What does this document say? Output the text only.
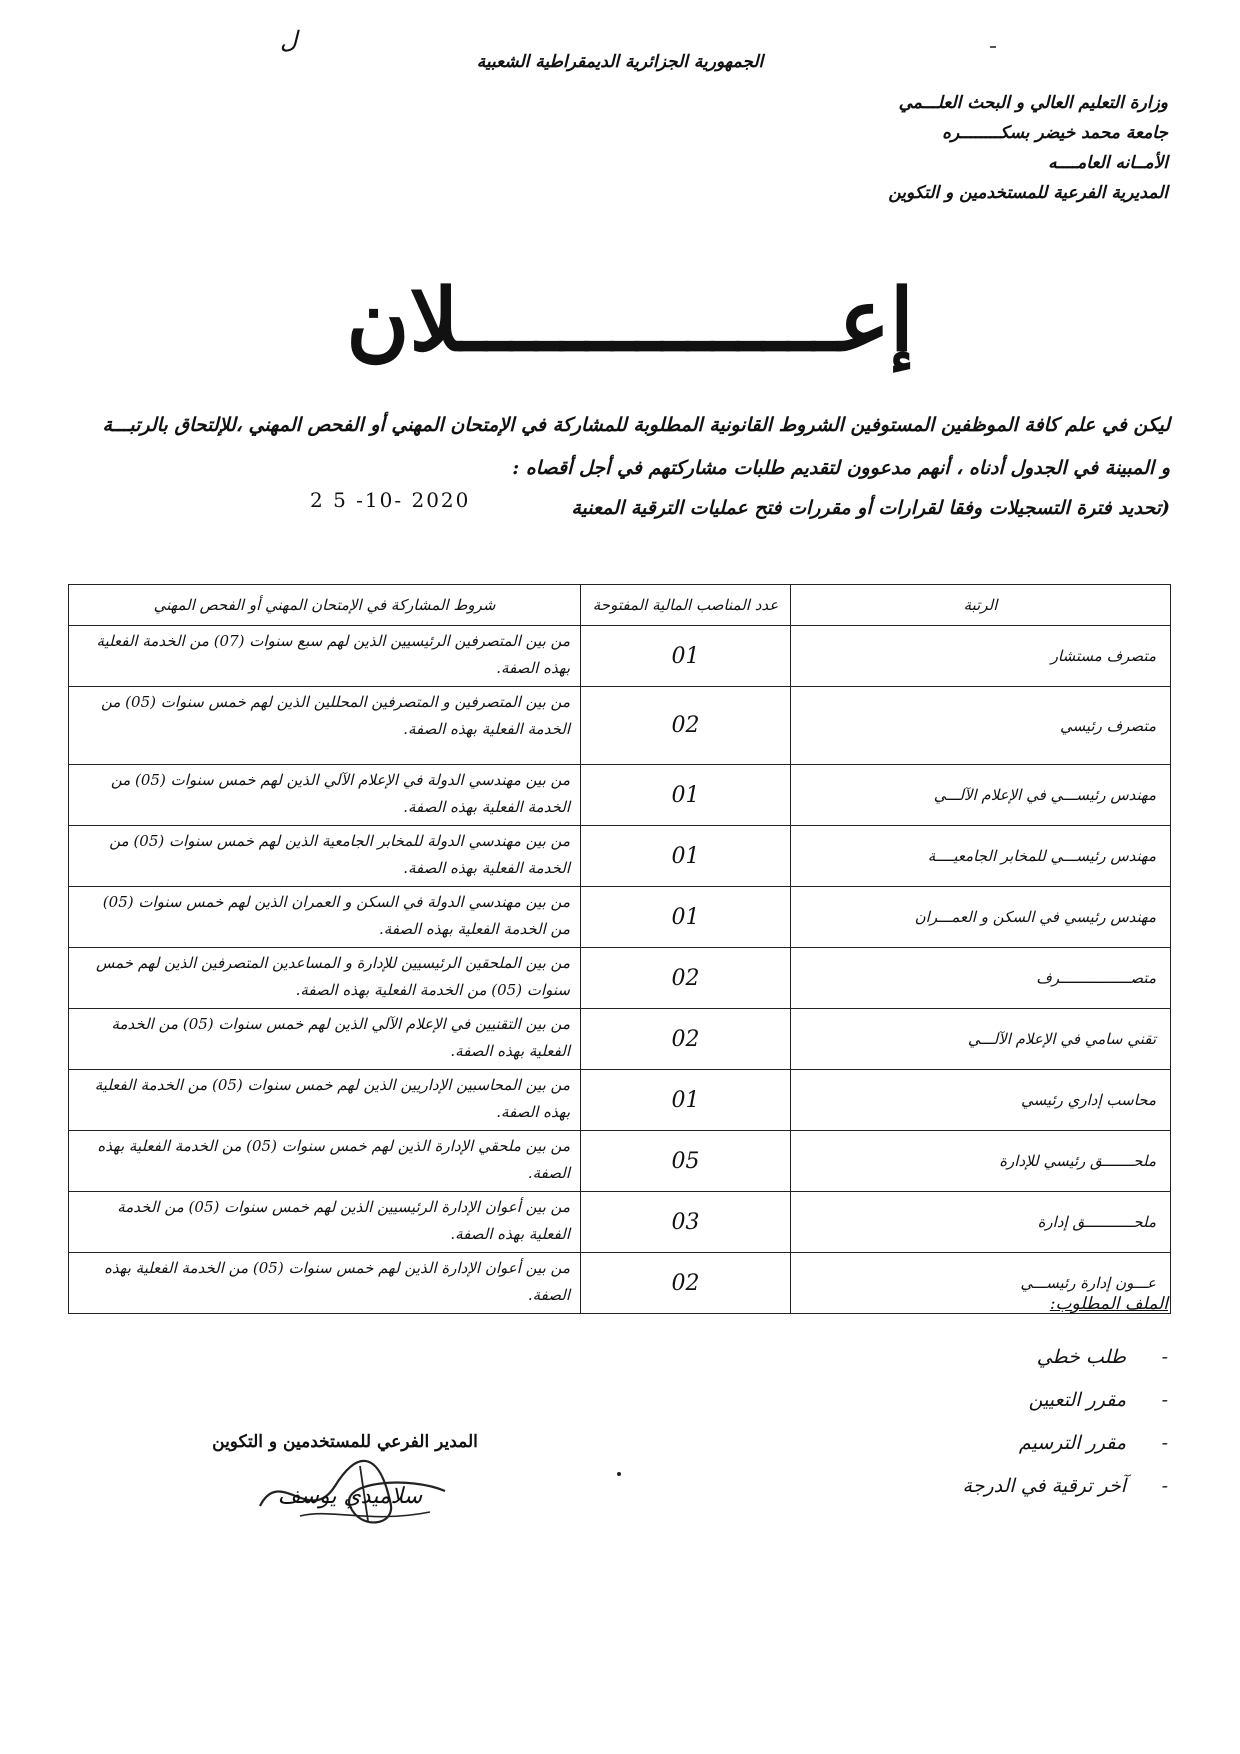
ل
الجمهورية الجزائرية الديمقراطية الشعبية
وزارة التعليم العالي و البحث العلـــمي
جامعة محمد خيضر بسكــــــــره
الأمــانه العامــــه
المديرية الفرعية للمستخدمين و التكوين
إعـــــــــــــــلان

ليكن في علم كافة الموظفين المستوفين الشروط القانونية المطلوبة للمشاركة في الإمتحان المهني أو الفحص المهني ،للإلتحاق بالرتبـــة

و المبينة في الجدول أدناه ، أنهم مدعوون لتقديم طلبات مشاركتهم في أجل أقصاه :

2 5 -10- 2020	(تحديد فترة التسجيلات وفقا لقرارات أو مقررات فتح عمليات الترقية المعنية
الرتبة	عدد المناصب المالية المفتوحة	شروط المشاركة في الإمتحان المهني أو الفحص المهني
متصرف مستشار	01	من بين المتصرفين الرئيسيين الذين لهم سبع سنوات (07) من الخدمة الفعلية بهذه الصفة.
متصرف رئيسي	02	من بين المتصرفين و المتصرفين المحللين الذين لهم خمس سنوات (05) من الخدمة الفعلية بهذه الصفة.
مهندس رئيســـي في الإعلام الآلـــي	01	من بين مهندسي الدولة في الإعلام الآلي الذين لهم خمس سنوات (05) من الخدمة الفعلية بهذه الصفة.
مهندس رئيســـي للمخابر الجامعيــــة	01	من بين مهندسي الدولة للمخابر الجامعية الذين لهم خمس سنوات (05) من الخدمة الفعلية بهذه الصفة.
مهندس رئيسي في السكن و العمـــران	01	من بين مهندسي الدولة في السكن و العمران الذين لهم خمس سنوات (05) من الخدمة الفعلية بهذه الصفة.
متصــــــــــــــــرف	02	من بين الملحقين الرئيسيين للإدارة و المساعدين المتصرفين الذين لهم خمس سنوات (05) من الخدمة الفعلية بهذه الصفة.
تقني سامي في الإعلام الآلـــي	02	من بين التقنيين في الإعلام الآلي الذين لهم خمس سنوات (05) من الخدمة الفعلية بهذه الصفة.
محاسب إداري رئيسي	01	من بين المحاسبين الإداريين الذين لهم خمس سنوات (05) من الخدمة الفعلية بهذه الصفة.
ملحـــــــق رئيسي للإدارة	05	من بين ملحقي الإدارة الذين لهم خمس سنوات (05) من الخدمة الفعلية بهذه الصفة.
ملحـــــــــــق إدارة	03	من بين أعوان الإدارة الرئيسيين الذين لهم خمس سنوات (05) من الخدمة الفعلية بهذه الصفة.
عـــون إدارة رئيســـي	02	من بين أعوان الإدارة الذين لهم خمس سنوات (05) من الخدمة الفعلية بهذه الصفة.	الملف المطلوب:
-طلب خطي
-مقرر التعيين
-مقرر الترسيم
-آخر ترقية في الدرجة
المدير الفرعي للمستخدمين و التكوين
سلاميدي يوسف
